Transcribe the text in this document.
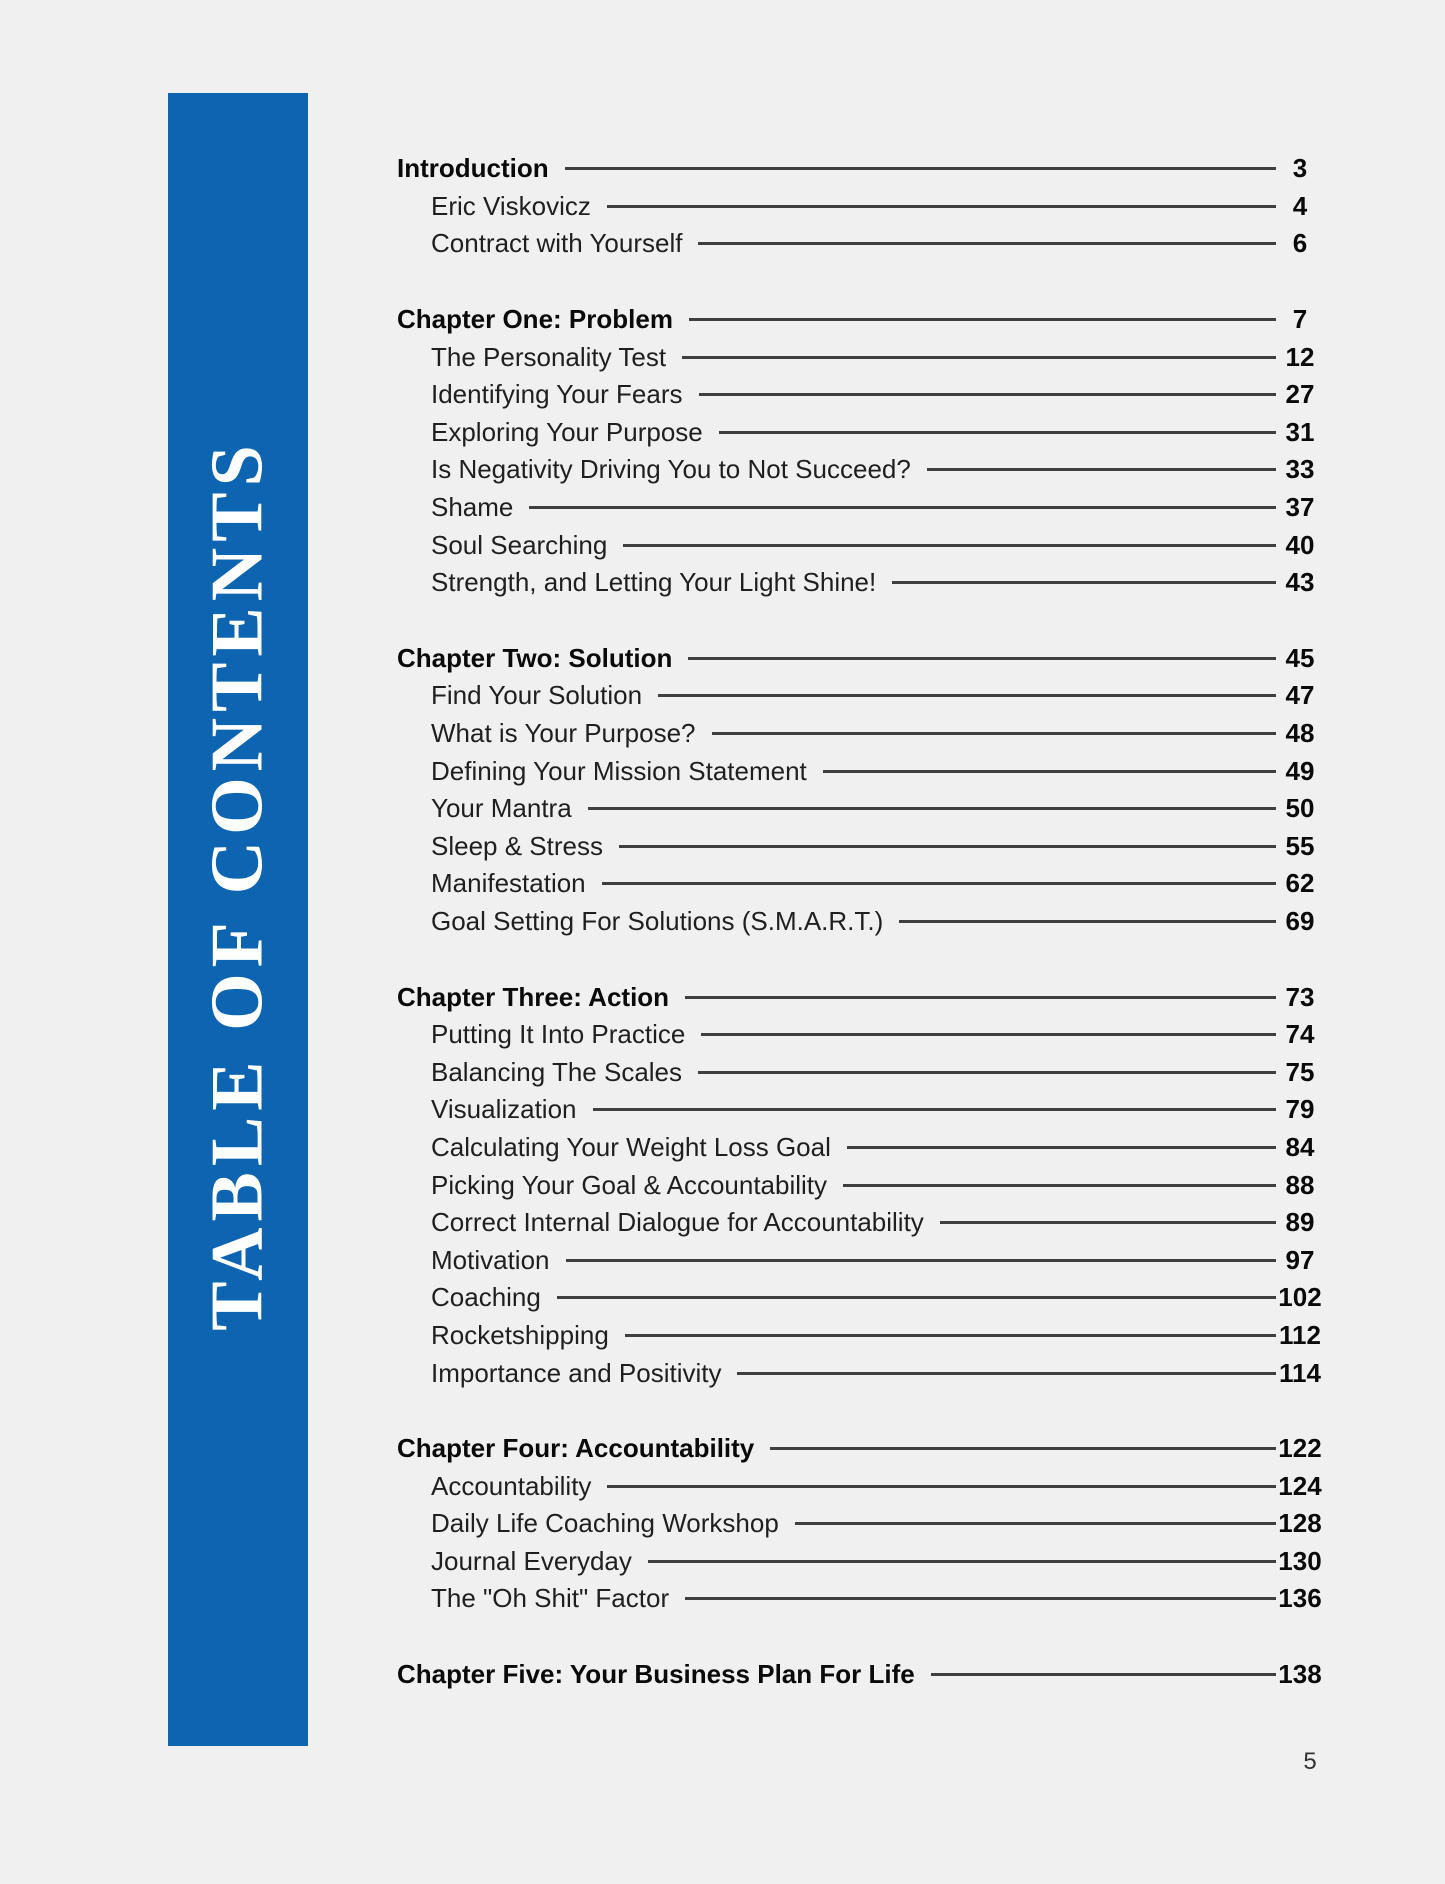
TABLE OF CONTENTS
Introduction	3
Eric Viskovicz	4
Contract with Yourself	6
Chapter One: Problem	7
The Personality Test	12
Identifying Your Fears	27
Exploring Your Purpose	31
Is Negativity Driving You to Not Succeed?	33
Shame	37
Soul Searching	40
Strength, and Letting Your Light Shine!	43
Chapter Two: Solution	45
Find Your Solution	47
What is Your Purpose?	48
Defining Your Mission Statement	49
Your Mantra	50
Sleep & Stress	55
Manifestation	62
Goal Setting For Solutions (S.M.A.R.T.)	69
Chapter Three: Action	73
Putting It Into Practice	74
Balancing The Scales	75
Visualization	79
Calculating Your Weight Loss Goal	84
Picking Your Goal & Accountability	88
Correct Internal Dialogue for Accountability	89
Motivation	97
Coaching	102
Rocketshipping	112
Importance and Positivity	114
Chapter Four: Accountability	122
Accountability	124
Daily Life Coaching Workshop	128
Journal Everyday	130
The "Oh Shit" Factor	136
Chapter Five: Your Business Plan For Life	138
5
